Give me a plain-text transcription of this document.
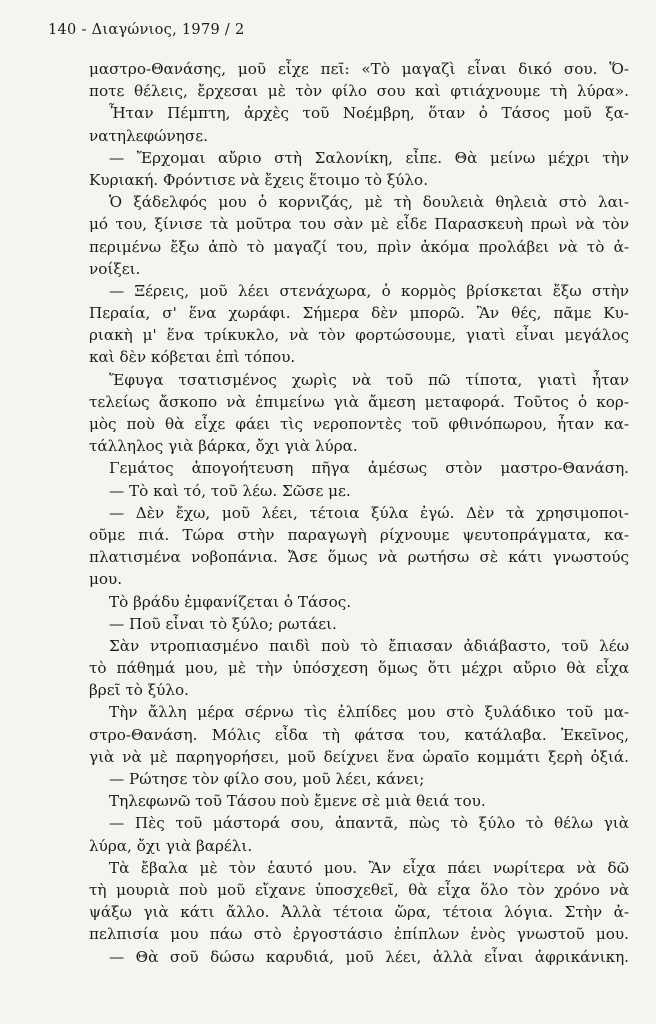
140 - Διαγώνιος, 1979 / 2
μαστρο-Θανάσης, μοῦ εἶχε πεῖ: «Τὸ μαγαζὶ εἶναι δικό σου. Ὅ-
ποτε θέλεις, ἔρχεσαι μὲ τὸν φίλο σου καὶ φτιάχνουμε τὴ λύρα».
Ἦταν Πέμπτη, ἀρχὲς τοῦ Νοέμβρη, ὅταν ὁ Τάσος μοῦ ξα-
νατηλεφώνησε.
— Ἔρχομαι αὔριο στὴ Σαλονίκη, εἶπε. Θὰ μείνω μέχρι τὴν
Κυριακή. Φρόντισε νὰ ἔχεις ἕτοιμο τὸ ξύλο.
Ὁ ξάδελφός μου ὁ κορνιζάς, μὲ τὴ δουλειὰ θηλειὰ στὸ λαι-
μό του, ξίνισε τὰ μοῦτρα του σὰν μὲ εἶδε Παρασκευὴ πρωὶ νὰ τὸν
περιμένω ἔξω ἀπὸ τὸ μαγαζί του, πρὶν ἀκόμα προλάβει νὰ τὸ ἀ-
νοίξει.
— Ξέρεις, μοῦ λέει στενάχωρα, ὁ κορμὸς βρίσκεται ἔξω στὴν
Περαία, σ' ἕνα χωράφι. Σήμερα δὲν μπορῶ. Ἂν θές, πᾶμε Κυ-
ριακὴ μ' ἕνα τρίκυκλο, νὰ τὸν φορτώσουμε, γιατὶ εἶναι μεγάλος
καὶ δὲν κόβεται ἐπὶ τόπου.
Ἔφυγα τσατισμένος χωρὶς νὰ τοῦ πῶ τίποτα, γιατὶ ἦταν
τελείως ἄσκοπο νὰ ἐπιμείνω γιὰ ἄμεση μεταφορά. Τοῦτος ὁ κορ-
μὸς ποὺ θὰ εἶχε φάει τὶς νεροποντὲς τοῦ φθινόπωρου, ἦταν κα-
τάλληλος γιὰ βάρκα, ὄχι γιὰ λύρα.
Γεμάτος ἀπογοήτευση πῆγα ἀμέσως στὸν μαστρο-Θανάση.
— Τὸ καὶ τό, τοῦ λέω. Σῶσε με.
— Δὲν ἔχω, μοῦ λέει, τέτοια ξύλα ἐγώ. Δὲν τὰ χρησιμοποι-
οῦμε πιά. Τώρα στὴν παραγωγὴ ρίχνουμε ψευτοπράγματα, κα-
πλατισμένα νοβοπάνια. Ἄσε ὅμως νὰ ρωτήσω σὲ κάτι γνωστούς
μου.
Τὸ βράδυ ἐμφανίζεται ὁ Τάσος.
— Ποῦ εἶναι τὸ ξύλο; ρωτάει.
Σὰν ντροπιασμένο παιδὶ ποὺ τὸ ἔπιασαν ἀδιάβαστο, τοῦ λέω
τὸ πάθημά μου, μὲ τὴν ὑπόσχεση ὅμως ὅτι μέχρι αὔριο θὰ εἶχα
βρεῖ τὸ ξύλο.
Τὴν ἄλλη μέρα σέρνω τὶς ἐλπίδες μου στὸ ξυλάδικο τοῦ μα-
στρο-Θανάση. Μόλις εἶδα τὴ φάτσα του, κατάλαβα. Ἐκεῖνος,
γιὰ νὰ μὲ παρηγορήσει, μοῦ δείχνει ἕνα ὡραῖο κομμάτι ξερὴ ὀξιά.
— Ρώτησε τὸν φίλο σου, μοῦ λέει, κάνει;
Τηλεφωνῶ τοῦ Τάσου ποὺ ἔμενε σὲ μιὰ θειά του.
— Πὲς τοῦ μάστορά σου, ἀπαντᾶ, πὼς τὸ ξύλο τὸ θέλω γιὰ
λύρα, ὄχι γιὰ βαρέλι.
Τὰ ἔβαλα μὲ τὸν ἑαυτό μου. Ἂν εἶχα πάει νωρίτερα νὰ δῶ
τὴ μουριὰ ποὺ μοῦ εἴχανε ὑποσχεθεῖ, θὰ εἶχα ὅλο τὸν χρόνο νὰ
ψάξω γιὰ κάτι ἄλλο. Ἀλλὰ τέτοια ὥρα, τέτοια λόγια. Στὴν ἀ-
πελπισία μου πάω στὸ ἐργοστάσιο ἐπίπλων ἑνὸς γνωστοῦ μου.
— Θὰ σοῦ δώσω καρυδιά, μοῦ λέει, ἀλλὰ εἶναι ἀφρικάνικη.
